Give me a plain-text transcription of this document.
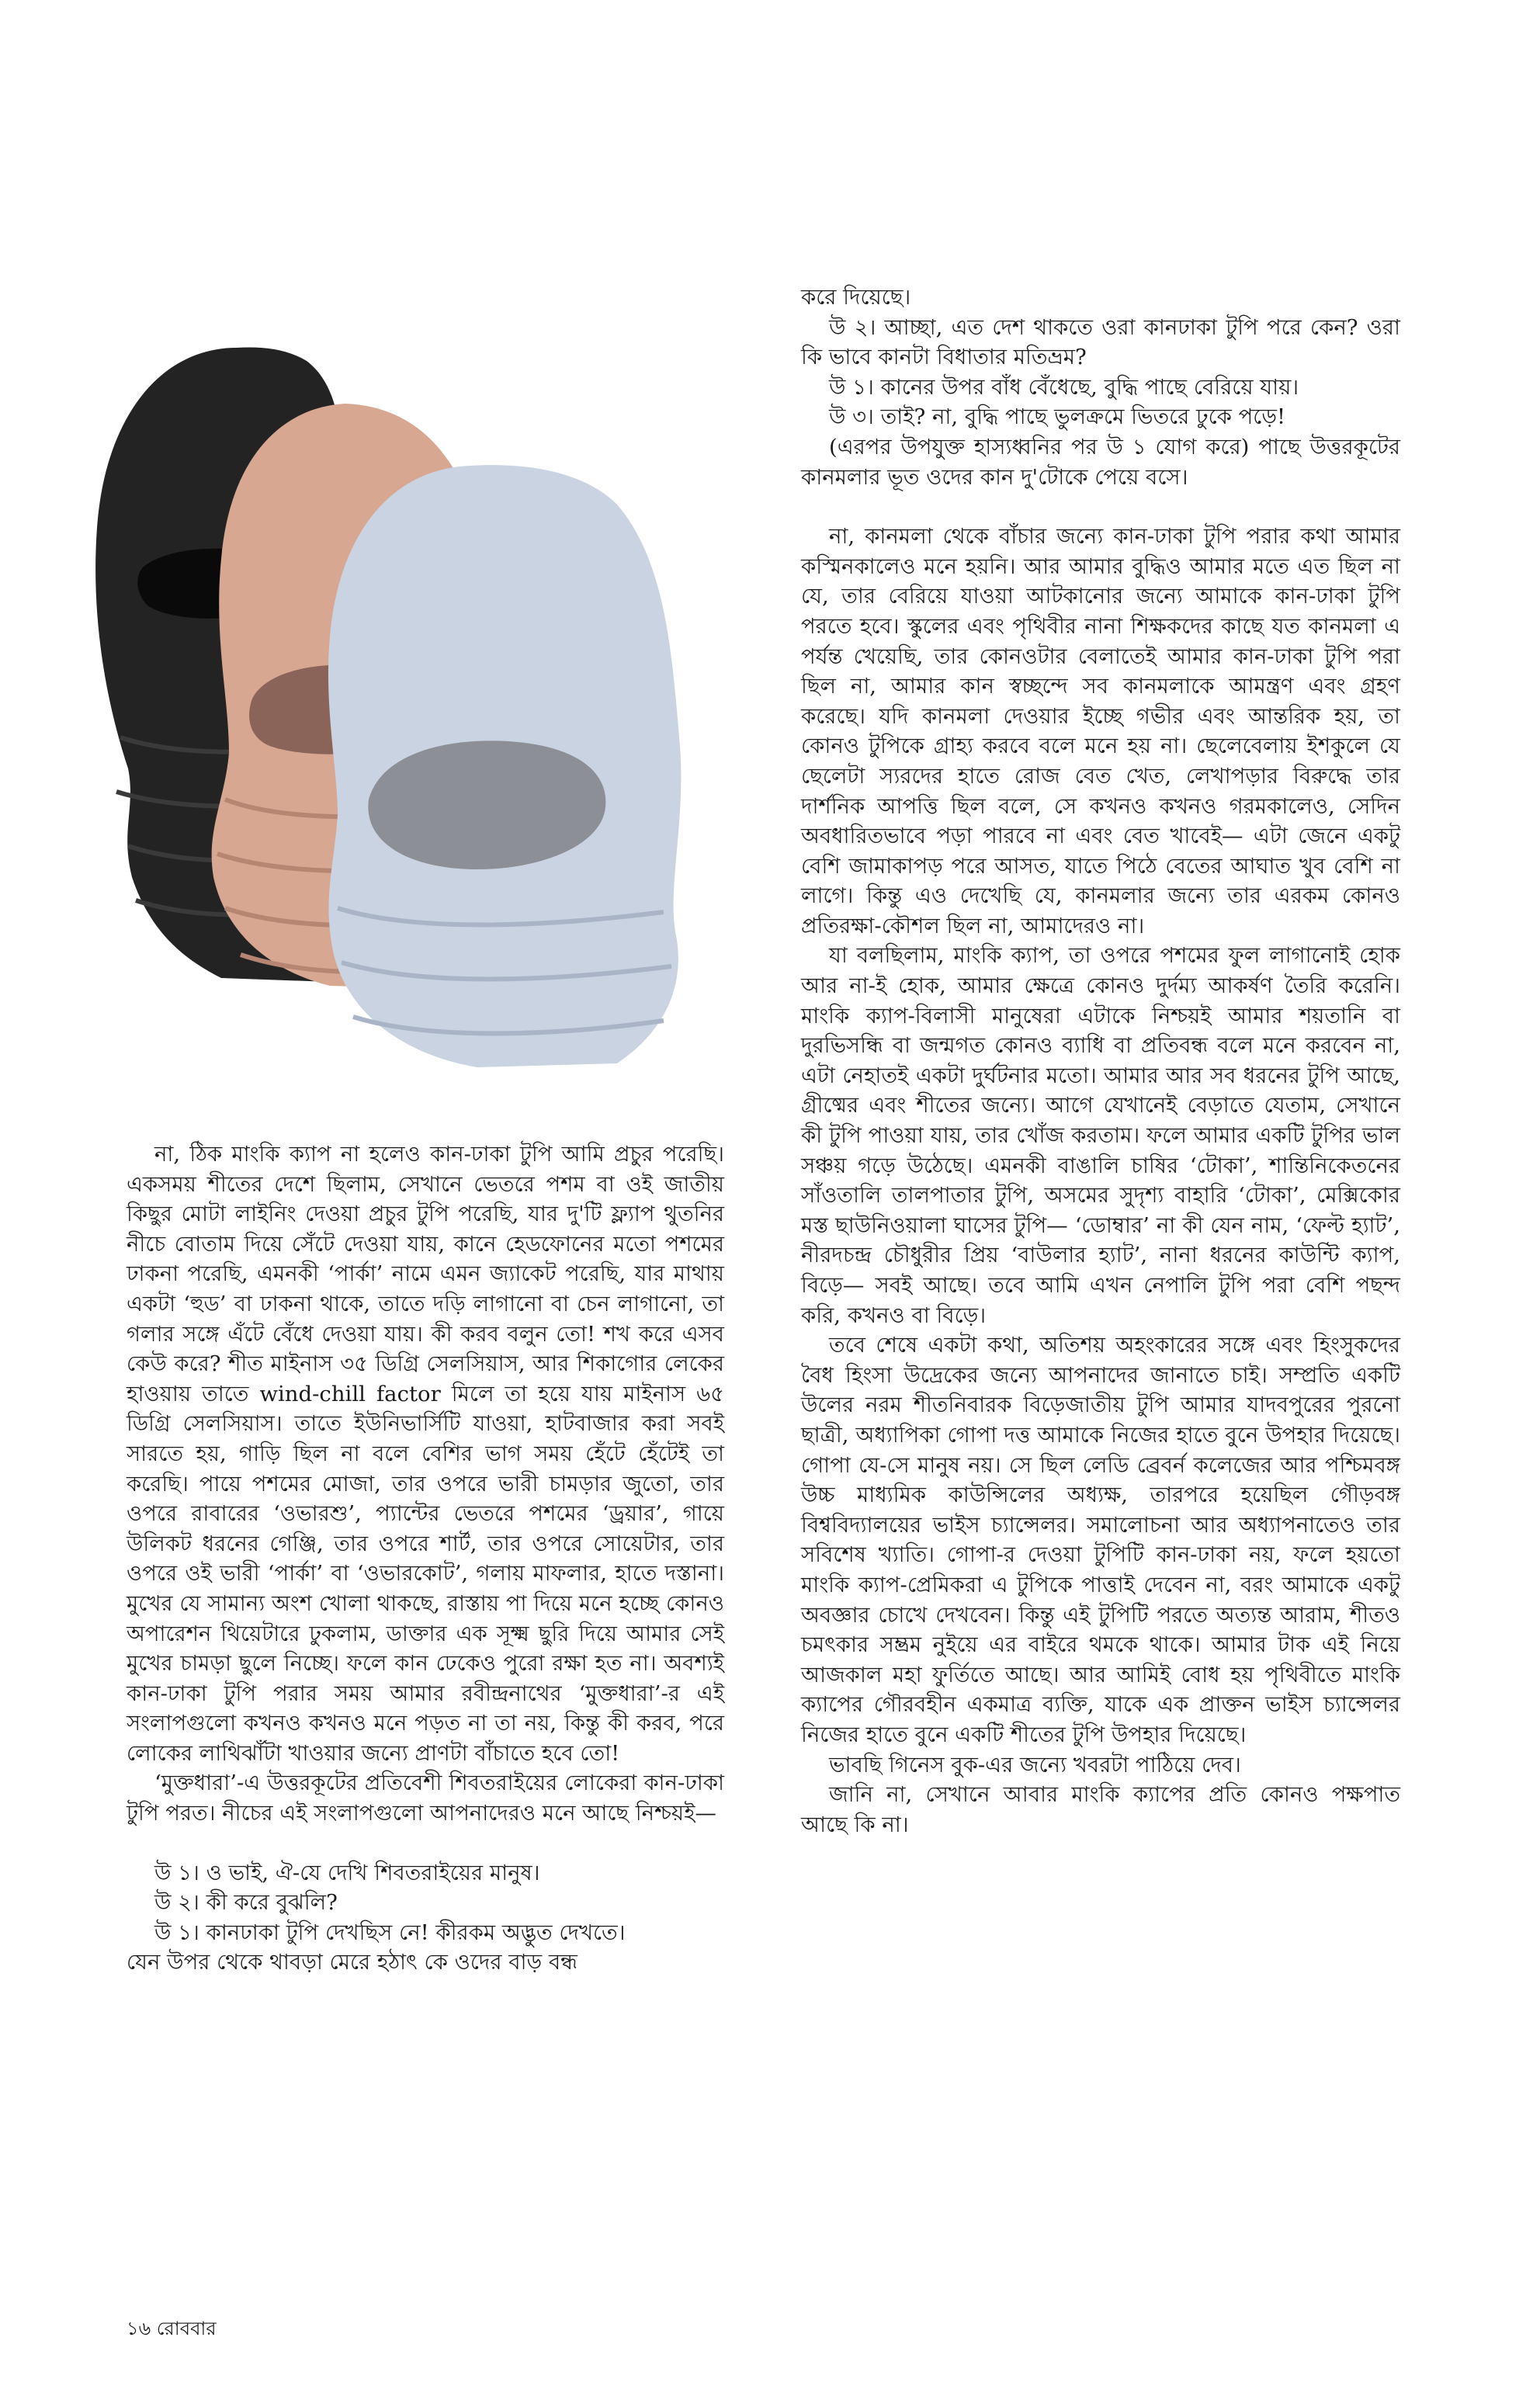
না, ঠিক মাংকি ক্যাপ না হলেও কান-ঢাকা টুপি আমি প্রচুর পরেছি। একসময় শীতের দেশে ছিলাম, সেখানে ভেতরে পশম বা ওই জাতীয় কিছুর মোটা লাইনিং দেওয়া প্রচুর টুপি পরেছি, যার দু'টি ফ্ল্যাপ থুতনির নীচে বোতাম দিয়ে সেঁটে দেওয়া যায়, কানে হেডফোনের মতো পশমের ঢাকনা পরেছি, এমনকী ‘পার্কা’ নামে এমন জ্যাকেট পরেছি, যার মাথায় একটা ‘হুড’ বা ঢাকনা থাকে, তাতে দড়ি লাগানো বা চেন লাগানো, তা গলার সঙ্গে এঁটে বেঁধে দেওয়া যায়। কী করব বলুন তো! শখ করে এসব কেউ করে? শীত মাইনাস ৩৫ ডিগ্রি সেলসিয়াস, আর শিকাগোর লেকের হাওয়ায় তাতে wind-chill factor মিলে তা হয়ে যায় মাইনাস ৬৫ ডিগ্রি সেলসিয়াস। তাতে ইউনিভার্সিটি যাওয়া, হাটবাজার করা সবই সারতে হয়, গাড়ি ছিল না বলে বেশির ভাগ সময় হেঁটে হেঁটেই তা করেছি। পায়ে পশমের মোজা, তার ওপরে ভারী চামড়ার জুতো, তার ওপরে রাবারের ‘ওভারশু’, প্যান্টের ভেতরে পশমের ‘ড্রয়ার’, গায়ে উলিকট ধরনের গেঞ্জি, তার ওপরে শার্ট, তার ওপরে সোয়েটার, তার ওপরে ওই ভারী ‘পার্কা’ বা ‘ওভারকোট’, গলায় মাফলার, হাতে দস্তানা। মুখের যে সামান্য অংশ খোলা থাকছে, রাস্তায় পা দিয়ে মনে হচ্ছে কোনও অপারেশন থিয়েটারে ঢুকলাম, ডাক্তার এক সূক্ষ্ম ছুরি দিয়ে আমার সেই মুখের চামড়া ছুলে নিচ্ছে। ফলে কান ঢেকেও পুরো রক্ষা হত না। অবশ্যই কান-ঢাকা টুপি পরার সময় আমার রবীন্দ্রনাথের ‘মুক্তধারা’-র এই সংলাপগুলো কখনও কখনও মনে পড়ত না তা নয়, কিন্তু কী করব, পরে লোকের লাথিঝাঁটা খাওয়ার জন্যে প্রাণটা বাঁচাতে হবে তো!

‘মুক্তধারা’-এ উত্তরকূটের প্রতিবেশী শিবতরাইয়ের লোকেরা কান-ঢাকা টুপি পরত। নীচের এই সংলাপগুলো আপনাদেরও মনে আছে নিশ্চয়ই—

উ ১। ও ভাই, ঐ-যে দেখি শিবতরাইয়ের মানুষ।

উ ২। কী করে বুঝলি?

উ ১। কানঢাকা টুপি দেখছিস নে! কীরকম অদ্ভুত দেখতে।

যেন উপর থেকে থাবড়া মেরে হঠাৎ কে ওদের বাড় বন্ধ

করে দিয়েছে।

উ ২। আচ্ছা, এত দেশ থাকতে ওরা কানঢাকা টুপি পরে কেন? ওরা কি ভাবে কানটা বিধাতার মতিভ্রম?

উ ১। কানের উপর বাঁধ বেঁধেছে, বুদ্ধি পাছে বেরিয়ে যায়।

উ ৩। তাই? না, বুদ্ধি পাছে ভুলক্রমে ভিতরে ঢুকে পড়ে!

(এরপর উপযুক্ত হাস্যধ্বনির পর উ ১ যোগ করে) পাছে উত্তরকূটের কানমলার ভূত ওদের কান দু'টোকে পেয়ে বসে।

না, কানমলা থেকে বাঁচার জন্যে কান-ঢাকা টুপি পরার কথা আমার কস্মিনকালেও মনে হয়নি। আর আমার বুদ্ধিও আমার মতে এত ছিল না যে, তার বেরিয়ে যাওয়া আটকানোর জন্যে আমাকে কান-ঢাকা টুপি পরতে হবে। স্কুলের এবং পৃথিবীর নানা শিক্ষকদের কাছে যত কানমলা এ পর্যন্ত খেয়েছি, তার কোনওটার বেলাতেই আমার কান-ঢাকা টুপি পরা ছিল না, আমার কান স্বচ্ছন্দে সব কানমলাকে আমন্ত্রণ এবং গ্রহণ করেছে। যদি কানমলা দেওয়ার ইচ্ছে গভীর এবং আন্তরিক হয়, তা কোনও টুপিকে গ্রাহ্য করবে বলে মনে হয় না। ছেলেবেলায় ইশকুলে যে ছেলেটা স্যরদের হাতে রোজ বেত খেত, লেখাপড়ার বিরুদ্ধে তার দার্শনিক আপত্তি ছিল বলে, সে কখনও কখনও গরমকালেও, সেদিন অবধারিতভাবে পড়া পারবে না এবং বেত খাবেই— এটা জেনে একটু বেশি জামাকাপড় পরে আসত, যাতে পিঠে বেতের আঘাত খুব বেশি না লাগে। কিন্তু এও দেখেছি যে, কানমলার জন্যে তার এরকম কোনও প্রতিরক্ষা-কৌশল ছিল না, আমাদেরও না।

যা বলছিলাম, মাংকি ক্যাপ, তা ওপরে পশমের ফুল লাগানোই হোক আর না-ই হোক, আমার ক্ষেত্রে কোনও দুর্দম্য আকর্ষণ তৈরি করেনি। মাংকি ক্যাপ-বিলাসী মানুষেরা এটাকে নিশ্চয়ই আমার শয়তানি বা দুরভিসন্ধি বা জন্মগত কোনও ব্যাধি বা প্রতিবন্ধ বলে মনে করবেন না, এটা নেহাতই একটা দুর্ঘটনার মতো। আমার আর সব ধরনের টুপি আছে, গ্রীষ্মের এবং শীতের জন্যে। আগে যেখানেই বেড়াতে যেতাম, সেখানে কী টুপি পাওয়া যায়, তার খোঁজ করতাম। ফলে আমার একটি টুপির ভাল সঞ্চয় গড়ে উঠেছে। এমনকী বাঙালি চাষির ‘টোকা’, শান্তিনিকেতনের সাঁওতালি তালপাতার টুপি, অসমের সুদৃশ্য বাহারি ‘টোকা’, মেক্সিকোর মস্ত ছাউনিওয়ালা ঘাসের টুপি— ‘ডোম্বার’ না কী যেন নাম, ‘ফেল্ট হ্যাট’, নীরদচন্দ্র চৌধুরীর প্রিয় ‘বাউলার হ্যাট’, নানা ধরনের কাউন্টি ক্যাপ, বিড়ে— সবই আছে। তবে আমি এখন নেপালি টুপি পরা বেশি পছন্দ করি, কখনও বা বিড়ে।

তবে শেষে একটা কথা, অতিশয় অহংকারের সঙ্গে এবং হিংসুকদের বৈধ হিংসা উদ্রেকের জন্যে আপনাদের জানাতে চাই। সম্প্রতি একটি উলের নরম শীতনিবারক বিড়েজাতীয় টুপি আমার যাদবপুরের পুরনো ছাত্রী, অধ্যাপিকা গোপা দত্ত আমাকে নিজের হাতে বুনে উপহার দিয়েছে। গোপা যে-সে মানুষ নয়। সে ছিল লেডি ব্রেবর্ন কলেজের আর পশ্চিমবঙ্গ উচ্চ মাধ্যমিক কাউন্সিলের অধ্যক্ষ, তারপরে হয়েছিল গৌড়বঙ্গ বিশ্ববিদ্যালয়ের ভাইস চ্যান্সেলর। সমালোচনা আর অধ্যাপনাতেও তার সবিশেষ খ্যাতি। গোপা-র দেওয়া টুপিটি কান-ঢাকা নয়, ফলে হয়তো মাংকি ক্যাপ-প্রেমিকরা এ টুপিকে পাত্তাই দেবেন না, বরং আমাকে একটু অবজ্ঞার চোখে দেখবেন। কিন্তু এই টুপিটি পরতে অত্যন্ত আরাম, শীতও চমৎকার সম্ভ্রম নুইয়ে এর বাইরে থমকে থাকে। আমার টাক এই নিয়ে আজকাল মহা ফুর্তিতে আছে। আর আমিই বোধ হয় পৃথিবীতে মাংকি ক্যাপের গৌরবহীন একমাত্র ব্যক্তি, যাকে এক প্রাক্তন ভাইস চ্যান্সেলর নিজের হাতে বুনে একটি শীতের টুপি উপহার দিয়েছে।

ভাবছি গিনেস বুক-এর জন্যে খবরটা পাঠিয়ে দেব।

জানি না, সেখানে আবার মাংকি ক্যাপের প্রতি কোনও পক্ষপাত আছে কি না।

১৬ রোববার
